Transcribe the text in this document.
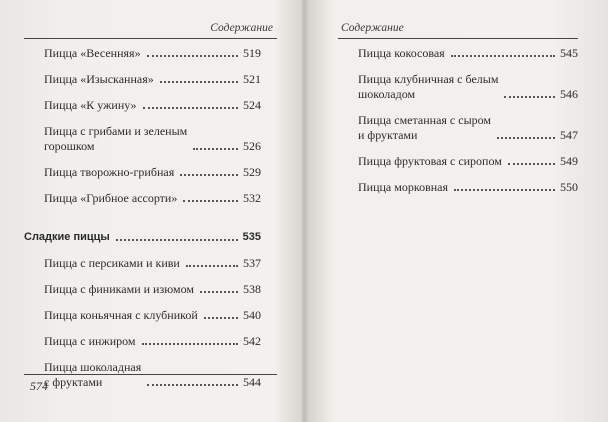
Содержание
Пицца «Весенняя»	519
Пицца «Изысканная»	521
Пицца «К ужину»	524
Пицца с грибами и зеленым
горошком	526
Пицца творожно-грибная	529
Пицца «Грибное ассорти»	532
Сладкие пиццы	535
Пицца с персиками и киви	537
Пицца с финиками и изюмом	538
Пицца коньячная с клубникой	540
Пицца с инжиром	542
Пицца шоколадная
с фруктами	544
574
Содержание
Пицца кокосовая	545
Пицца клубничная с белым
шоколадом	546
Пицца сметанная с сыром
и фруктами	547
Пицца фруктовая с сиропом	549
Пицца морковная	550
